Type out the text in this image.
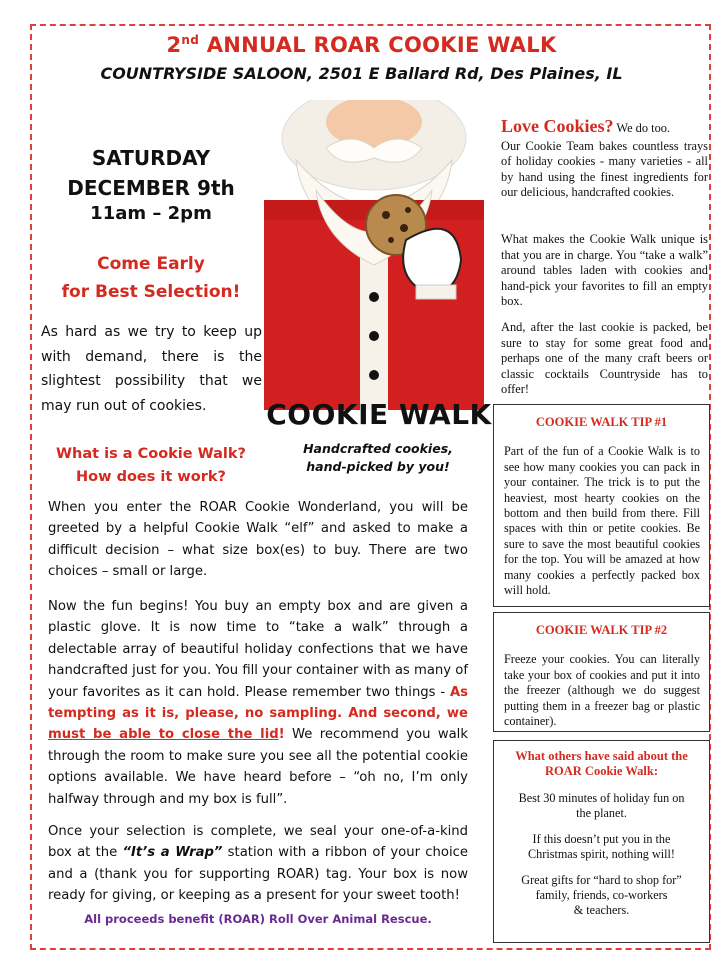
2nd ANNUAL ROAR COOKIE WALK
COUNTRYSIDE SALOON, 2501 E Ballard Rd, Des Plaines, IL
SATURDAY
DECEMBER 9th
11am – 2pm
Come Early
for Best Selection!
As hard as we try to keep up with demand, there is the slightest possibility that we may run out of cookies.	COOKIE WALK
Handcrafted cookies,
hand-picked by you!
What is a Cookie Walk?
How does it work?
When you enter the ROAR Cookie Wonderland, you will be greeted by a helpful Cookie Walk “elf” and asked to make a difficult decision – what size box(es) to buy. There are two choices – small or large.
Now the fun begins! You buy an empty box and are given a plastic glove. It is now time to “take a walk” through a delectable array of beautiful holiday confections that we have handcrafted just for you. You fill your container with as many of your favorites as it can hold. Please remember two things - As tempting as it is, please, no sampling. And second, we must be able to close the lid! We recommend you walk through the room to make sure you see all the potential cookie options available. We have heard before – “oh no, I’m only halfway through and my box is full”.
Once your selection is complete, we seal your one-of-a-kind box at the “It’s a Wrap” station with a ribbon of your choice and a (thank you for supporting ROAR) tag. Your box is now ready for giving, or keeping as a present for your sweet tooth!
All proceeds benefit (ROAR) Roll Over Animal Rescue.
Love Cookies? We do too.
Our Cookie Team bakes countless trays of holiday cookies - many varieties - all by hand using the finest ingredients for our delicious, handcrafted cookies.
What makes the Cookie Walk unique is that you are in charge. You “take a walk” around tables laden with cookies and hand-pick your favorites to fill an empty box.
And, after the last cookie is packed, be sure to stay for some great food and perhaps one of the many craft beers or classic cocktails Countryside has to offer!
COOKIE WALK TIP #1
Part of the fun of a Cookie Walk is to see how many cookies you can pack in your container. The trick is to put the heaviest, most hearty cookies on the bottom and then build from there. Fill spaces with thin or petite cookies. Be sure to save the most beautiful cookies for the top. You will be amazed at how many cookies a perfectly packed box will hold.
COOKIE WALK TIP #2
Freeze your cookies. You can literally take your box of cookies and put it into the freezer (although we do suggest putting them in a freezer bag or plastic container).
What others have said about the
ROAR Cookie Walk:

Best 30 minutes of holiday fun on
the planet.

If this doesn’t put you in the
Christmas spirit, nothing will!

Great gifts for “hard to shop for”
family, friends, co-workers
& teachers.
